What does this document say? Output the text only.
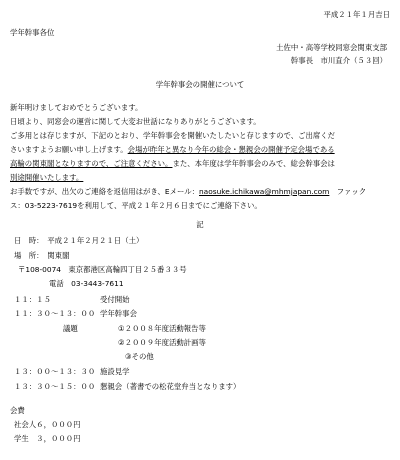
平成２１年１月吉日
学年幹事各位
土佐中・高等学校同窓会関東支部
幹事長　市川直介（５３回）
学年幹事会の開催について
新年明けましておめでとうございます。
日頃より、同窓会の運営に関して大変お世話になりありがとうございます。
ご多用とは存じますが、下記のとおり、学年幹事会を開催いたしたいと存じますので、ご出席くだ
さいますようお願い申し上げます。会場が昨年と異なり今年の総会・懇親会の開催予定会場である
高輪の関東閣となりますので、ご注意ください。また、本年度は学年幹事会のみで、総会幹事会は
別途開催いたします。
お手数ですが、出欠のご連絡を返信用はがき、Eメール：naosuke.ichikawa@mhmjapan.com　ファック
ス：03-5223-7619を利用して、平成２１年２月６日までにご連絡下さい。
記
日　時：　 平成２１年２月２１日（土）
場　所：　 関東閣
〒108-0074　東京都港区高輪四丁目２５番３３号
電話　03-3443-7611
１１：１５	受付開始
１１：３０～１３：００ 学年幹事会
議題	①２００８年度活動報告等
②２００９年度活動計画等
③その他
１３：００～１３：３０ 施設見学
１３：３０～１５：００ 懇親会（著書での松花堂弁当となります）
会費
社会人６，０００円
学生　３，０００円
